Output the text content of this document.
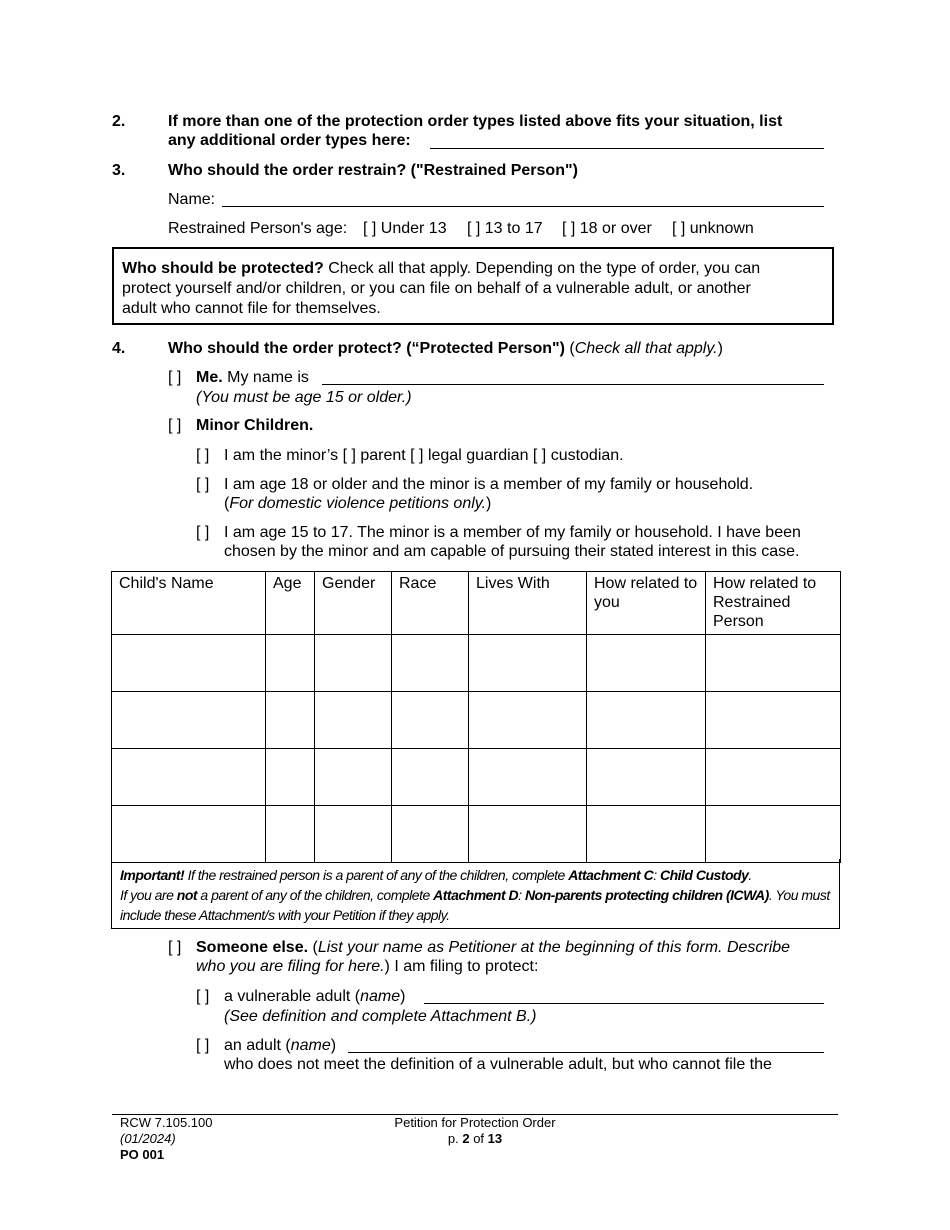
2.	If more than one of the protection order types listed above fits your situation, list
any additional order types here:
3.	Who should the order restrain? ("Restrained Person")
Name:
Restrained Person's age: [ ] Under 13 [ ] 13 to 17 [ ] 18 or over [ ] unknown
Who should be protected? Check all that apply. Depending on the type of order, you can
protect yourself and/or children, or you can file on behalf of a vulnerable adult, or another
adult who cannot file for themselves.
4.	Who should the order protect? (“Protected Person") (Check all that apply.)
[ ] Me. My name is
(You must be age 15 or older.)
[ ] Minor Children.
[ ] I am the minor’s [ ] parent [ ] legal guardian [ ] custodian.
[ ] I am age 18 or older and the minor is a member of my family or household.
(For domestic violence petitions only.)
[ ] I am age 15 to 17. The minor is a member of my family or household. I have been
chosen by the minor and am capable of pursuing their stated interest in this case.
Child's Name	Age	Gender	Race	Lives With	How related to you	How related to Restrained Person

Important! If the restrained person is a parent of any of the children, complete Attachment C: Child Custody.
If you are not a parent of any of the children, complete Attachment D: Non-parents protecting children (ICWA). You must
include these Attachment/s with your Petition if they apply.
[ ] Someone else. (List your name as Petitioner at the beginning of this form. Describe
who you are filing for here.) I am filing to protect:
[ ] a vulnerable adult (name)
(See definition and complete Attachment B.)
[ ] an adult (name)
who does not meet the definition of a vulnerable adult, but who cannot file the
RCW 7.105.100
(01/2024)
PO 001
Petition for Protection Order
p. 2 of 13
